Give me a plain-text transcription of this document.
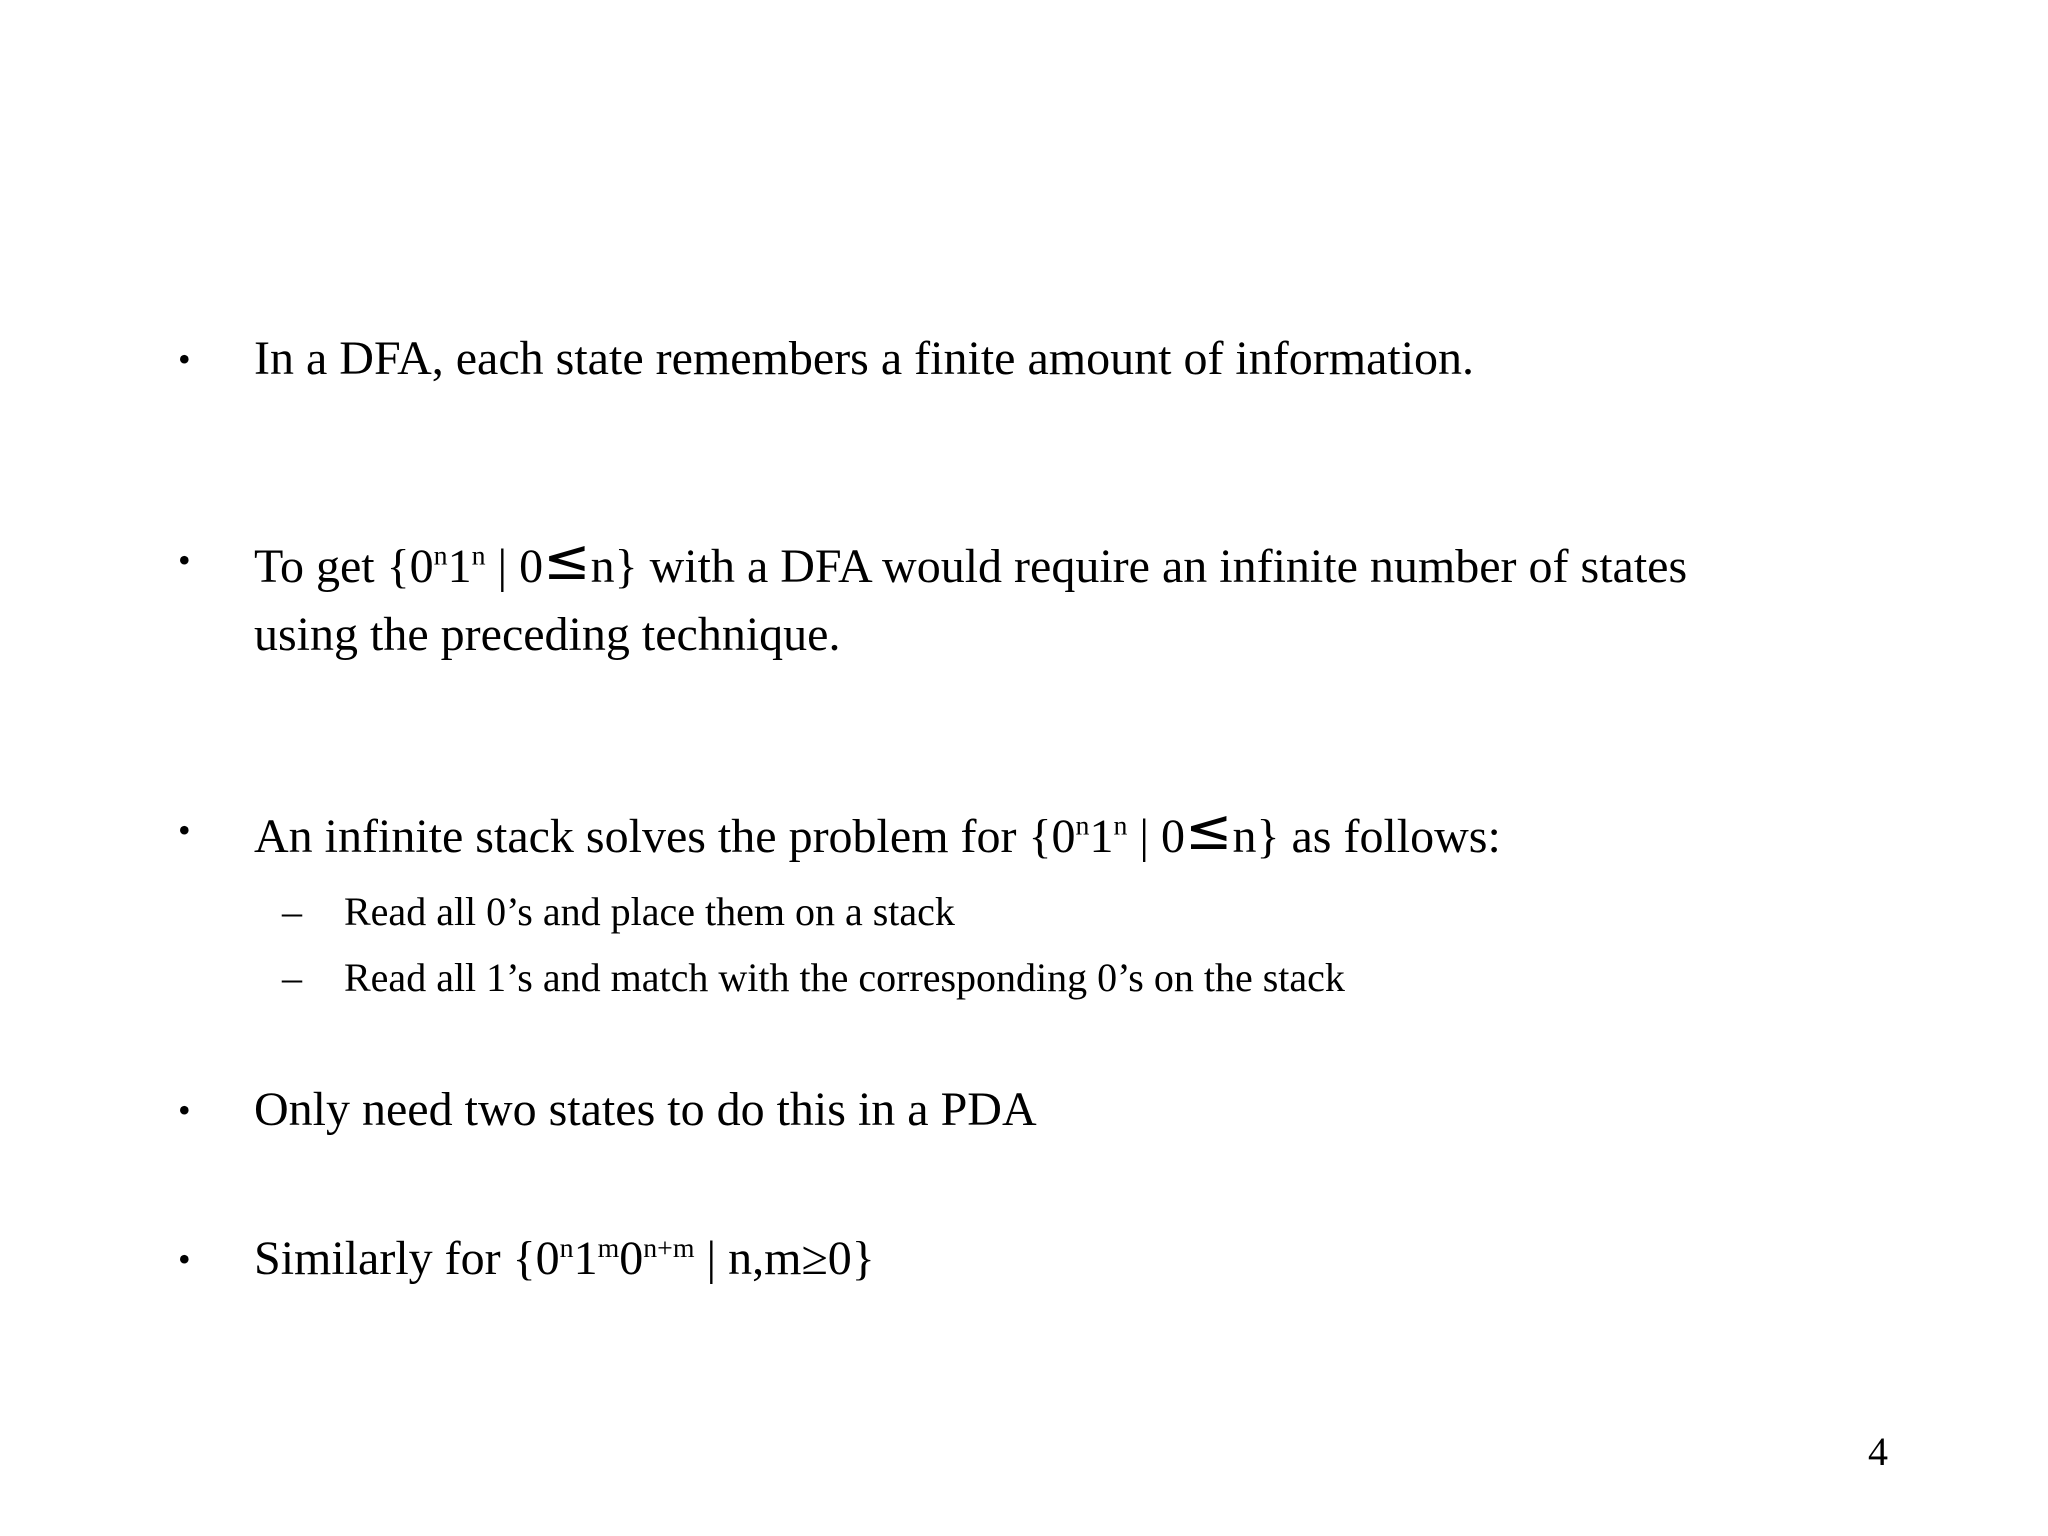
• In a DFA, each state remembers a finite amount of information.
• To get {0$^n$1$^n$ | 0≤n} with a DFA would require an infinite number of states
using the preceding technique.
• An infinite stack solves the problem for {0$^n$1$^n$ | 0≤n} as follows:
– Read all 0’s and place them on a stack
– Read all 1’s and match with the corresponding 0’s on the stack
• Only need two states to do this in a PDA
• Similarly for {$0^n1^m0^{n+m}$ | n,m≥0}
4
